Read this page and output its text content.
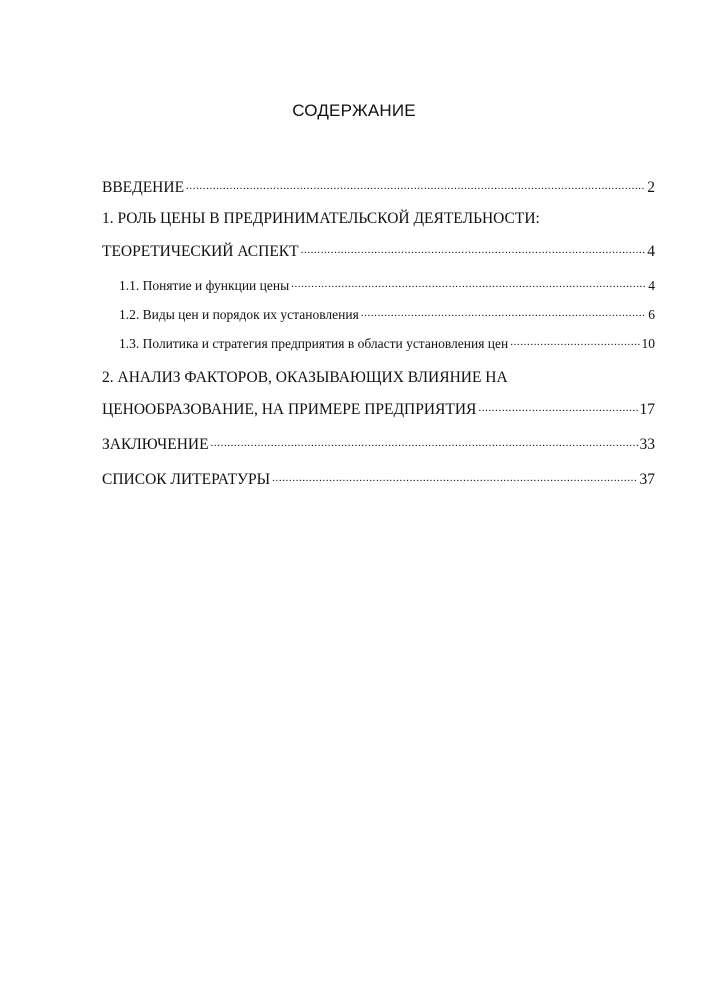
СОДЕРЖАНИЕ
ВВЕДЕНИЕ .....	2
1. РОЛЬ ЦЕНЫ В ПРЕДРИНИМАТЕЛЬСКОЙ ДЕЯТЕЛЬНОСТИ:
ТЕОРЕТИЧЕСКИЙ АСПЕКТ .....	4
1.1. Понятие и функции цены .....	4
1.2. Виды цен и порядок их установления .....	6
1.3. Политика и стратегия предприятия в области установления цен .....	10
2. АНАЛИЗ ФАКТОРОВ, ОКАЗЫВАЮЩИХ ВЛИЯНИЕ НА
ЦЕНООБРАЗОВАНИЕ, НА ПРИМЕРЕ ПРЕДПРИЯТИЯ .....	17
ЗАКЛЮЧЕНИЕ .....	33
СПИСОК ЛИТЕРАТУРЫ .....	37
